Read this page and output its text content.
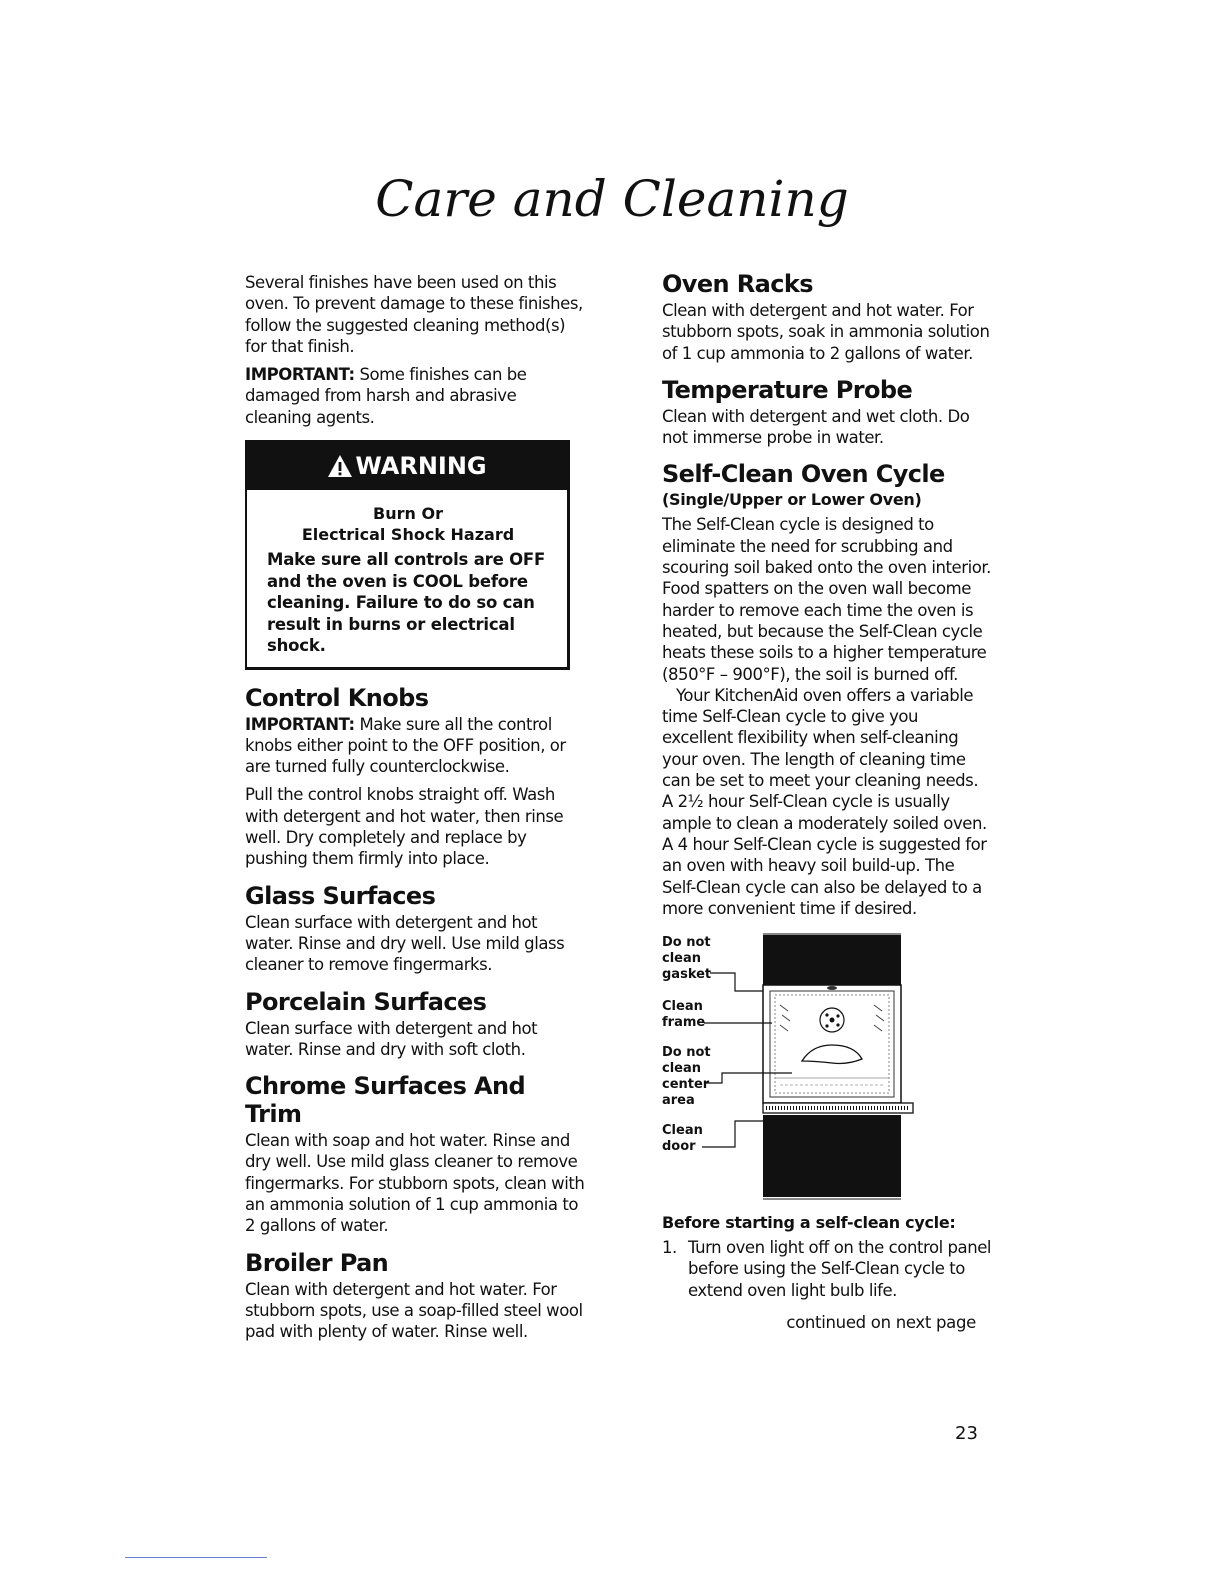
Care and Cleaning

Several finishes have been used on this oven. To prevent damage to these finishes, follow the suggested cleaning method(s) for that finish.

IMPORTANT: Some finishes can be damaged from harsh and abrasive cleaning agents.

WARNING
Burn Or
Electrical Shock Hazard
Make sure all controls are OFF and the oven is COOL before cleaning. Failure to do so can result in burns or electrical shock.
Control Knobs

IMPORTANT: Make sure all the control knobs either point to the OFF position, or are turned fully counterclockwise.

Pull the control knobs straight off. Wash with detergent and hot water, then rinse well. Dry completely and replace by pushing them firmly into place.

Glass Surfaces

Clean surface with detergent and hot water. Rinse and dry well. Use mild glass cleaner to remove fingermarks.

Porcelain Surfaces

Clean surface with detergent and hot water. Rinse and dry with soft cloth.

Chrome Surfaces And Trim

Clean with soap and hot water. Rinse and dry well. Use mild glass cleaner to remove fingermarks. For stubborn spots, clean with an ammonia solution of 1 cup ammonia to 2 gallons of water.

Broiler Pan

Clean with detergent and hot water. For stubborn spots, use a soap-filled steel wool pad with plenty of water. Rinse well.

Oven Racks

Clean with detergent and hot water. For stubborn spots, soak in ammonia solution of 1 cup ammonia to 2 gallons of water.

Temperature Probe

Clean with detergent and wet cloth. Do not immerse probe in water.

Self-Clean Oven Cycle
(Single/Upper or Lower Oven)

The Self-Clean cycle is designed to eliminate the need for scrubbing and scouring soil baked onto the oven interior. Food spatters on the oven wall become harder to remove each time the oven is heated, but because the Self-Clean cycle heats these soils to a higher temperature (850°F – 900°F), the soil is burned off.

Your KitchenAid oven offers a variable time Self-Clean cycle to give you excellent flexibility when self-cleaning your oven. The length of cleaning time can be set to meet your cleaning needs. A 2½ hour Self-Clean cycle is usually ample to clean a moderately soiled oven. A 4 hour Self-Clean cycle is suggested for an oven with heavy soil build-up. The Self-Clean cycle can also be delayed to a more convenient time if desired.

Do not
clean
gasket
Clean
frame
Do not
clean
center
area
Clean
door
Before starting a self-clean cycle:
1. Turn oven light off on the control panel before using the Self-Clean cycle to extend oven light bulb life.
continued on next page
23
